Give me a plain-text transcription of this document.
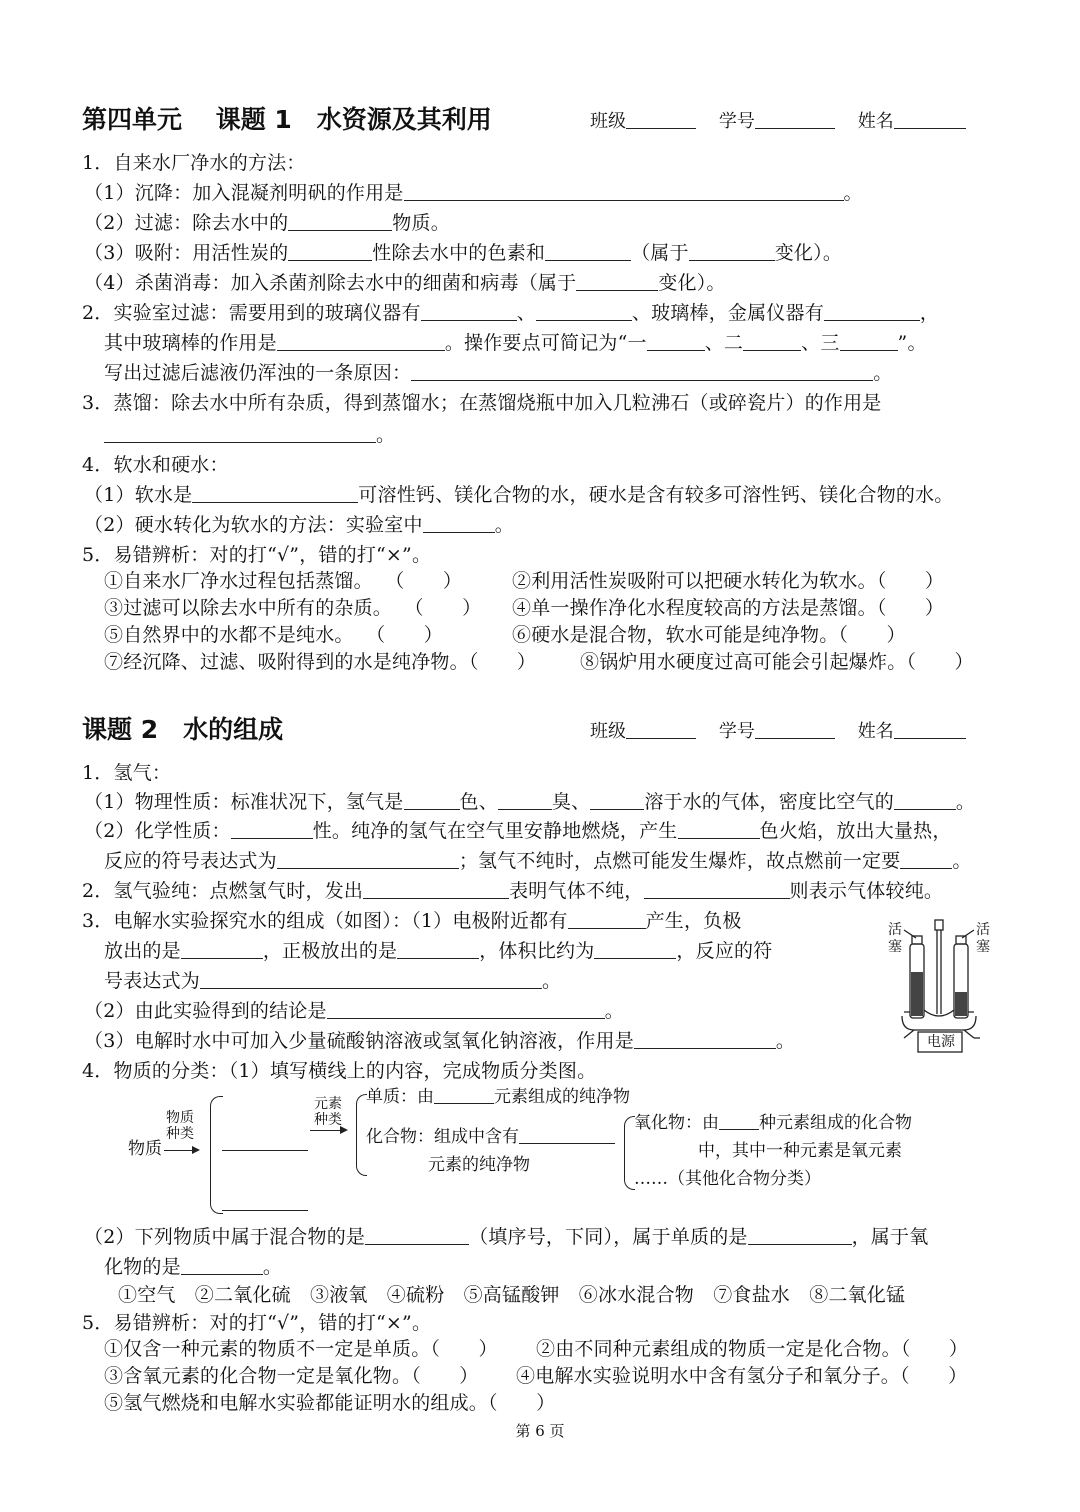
第四单元　 课题 1　水资源及其利用	班级	学号	姓名
1．自来水厂净水的方法：
（1）沉降：加入混凝剂明矾的作用是	。
（2）过滤：除去水中的	物质。
（3）吸附：用活性炭的	性除去水中的色素和	（属于	变化）。
（4）杀菌消毒：加入杀菌剂除去水中的细菌和病毒（属于	变化）。
2．实验室过滤：需要用到的玻璃仪器有	、	、玻璃棒，金属仪器有	，
其中玻璃棒的作用是	。操作要点可简记为“一	、二	、三	”。
写出过滤后滤液仍浑浊的一条原因：	。
3．蒸馏：除去水中所有杂质，得到蒸馏水；在蒸馏烧瓶中加入几粒沸石（或碎瓷片）的作用是
。
4．软水和硬水：
（1）软水是	可溶性钙、镁化合物的水，硬水是含有较多可溶性钙、镁化合物的水。
（2）硬水转化为软水的方法：实验室中	。
5．易错辨析：对的打“√”，错的打“×”。
①自来水厂净水过程包括蒸馏。 （　　）	②利用活性炭吸附可以把硬水转化为软水。（　　）
③过滤可以除去水中所有的杂质。 （　　） ④单一操作净化水程度较高的方法是蒸馏。（　　）
⑤自然界中的水都不是纯水。 （　　）	⑥硬水是混合物，软水可能是纯净物。（　　）
⑦经沉降、过滤、吸附得到的水是纯净物。（　　） ⑧锅炉用水硬度过高可能会引起爆炸。（　　）
课题 2　水的组成	班级	学号	姓名
1．氢气：
（1）物理性质：标准状况下，氢气是	色、	臭、	溶于水的气体，密度比空气的	。
（2）化学性质：	性。纯净的氢气在空气里安静地燃烧，产生	色火焰，放出大量热，
反应的符号表达式为	；氢气不纯时，点燃可能发生爆炸，故点燃前一定要	。
2．氢气验纯：点燃氢气时，发出	表明气体不纯，	则表示气体较纯。
3．电解水实验探究水的组成（如图）：（1）电极附近都有	产生，负极
放出的是	，正极放出的是	，体积比约为	，反应的符
号表达式为	。
（2）由此实验得到的结论是	。
（3）电解时水中可加入少量硫酸钠溶液或氢氧化钠溶液，作用是	。
活塞
活塞
电源
4．物质的分类：（1）填写横线上的内容，完成物质分类图。
物质种类
物质
元素种类
单质：由	元素组成的纯净物
化合物：组成中含有
元素的纯净物
氧化物：由 种元素组成的化合物
中，其中一种元素是氧元素
……（其他化合物分类）
（2）下列物质中属于混合物的是	（填序号，下同），属于单质的是	，属于氧
化物的是	。
①空气　②二氧化硫　③液氧　④硫粉　⑤高锰酸钾　⑥冰水混合物　⑦食盐水　⑧二氧化锰
5．易错辨析：对的打“√”，错的打“×”。
①仅含一种元素的物质不一定是单质。（　　） ②由不同种元素组成的物质一定是化合物。（　　）
③含氧元素的化合物一定是氧化物。（　　） ④电解水实验说明水中含有氢分子和氧分子。（　　）
⑤氢气燃烧和电解水实验都能证明水的组成。（　　）
第 6 页
